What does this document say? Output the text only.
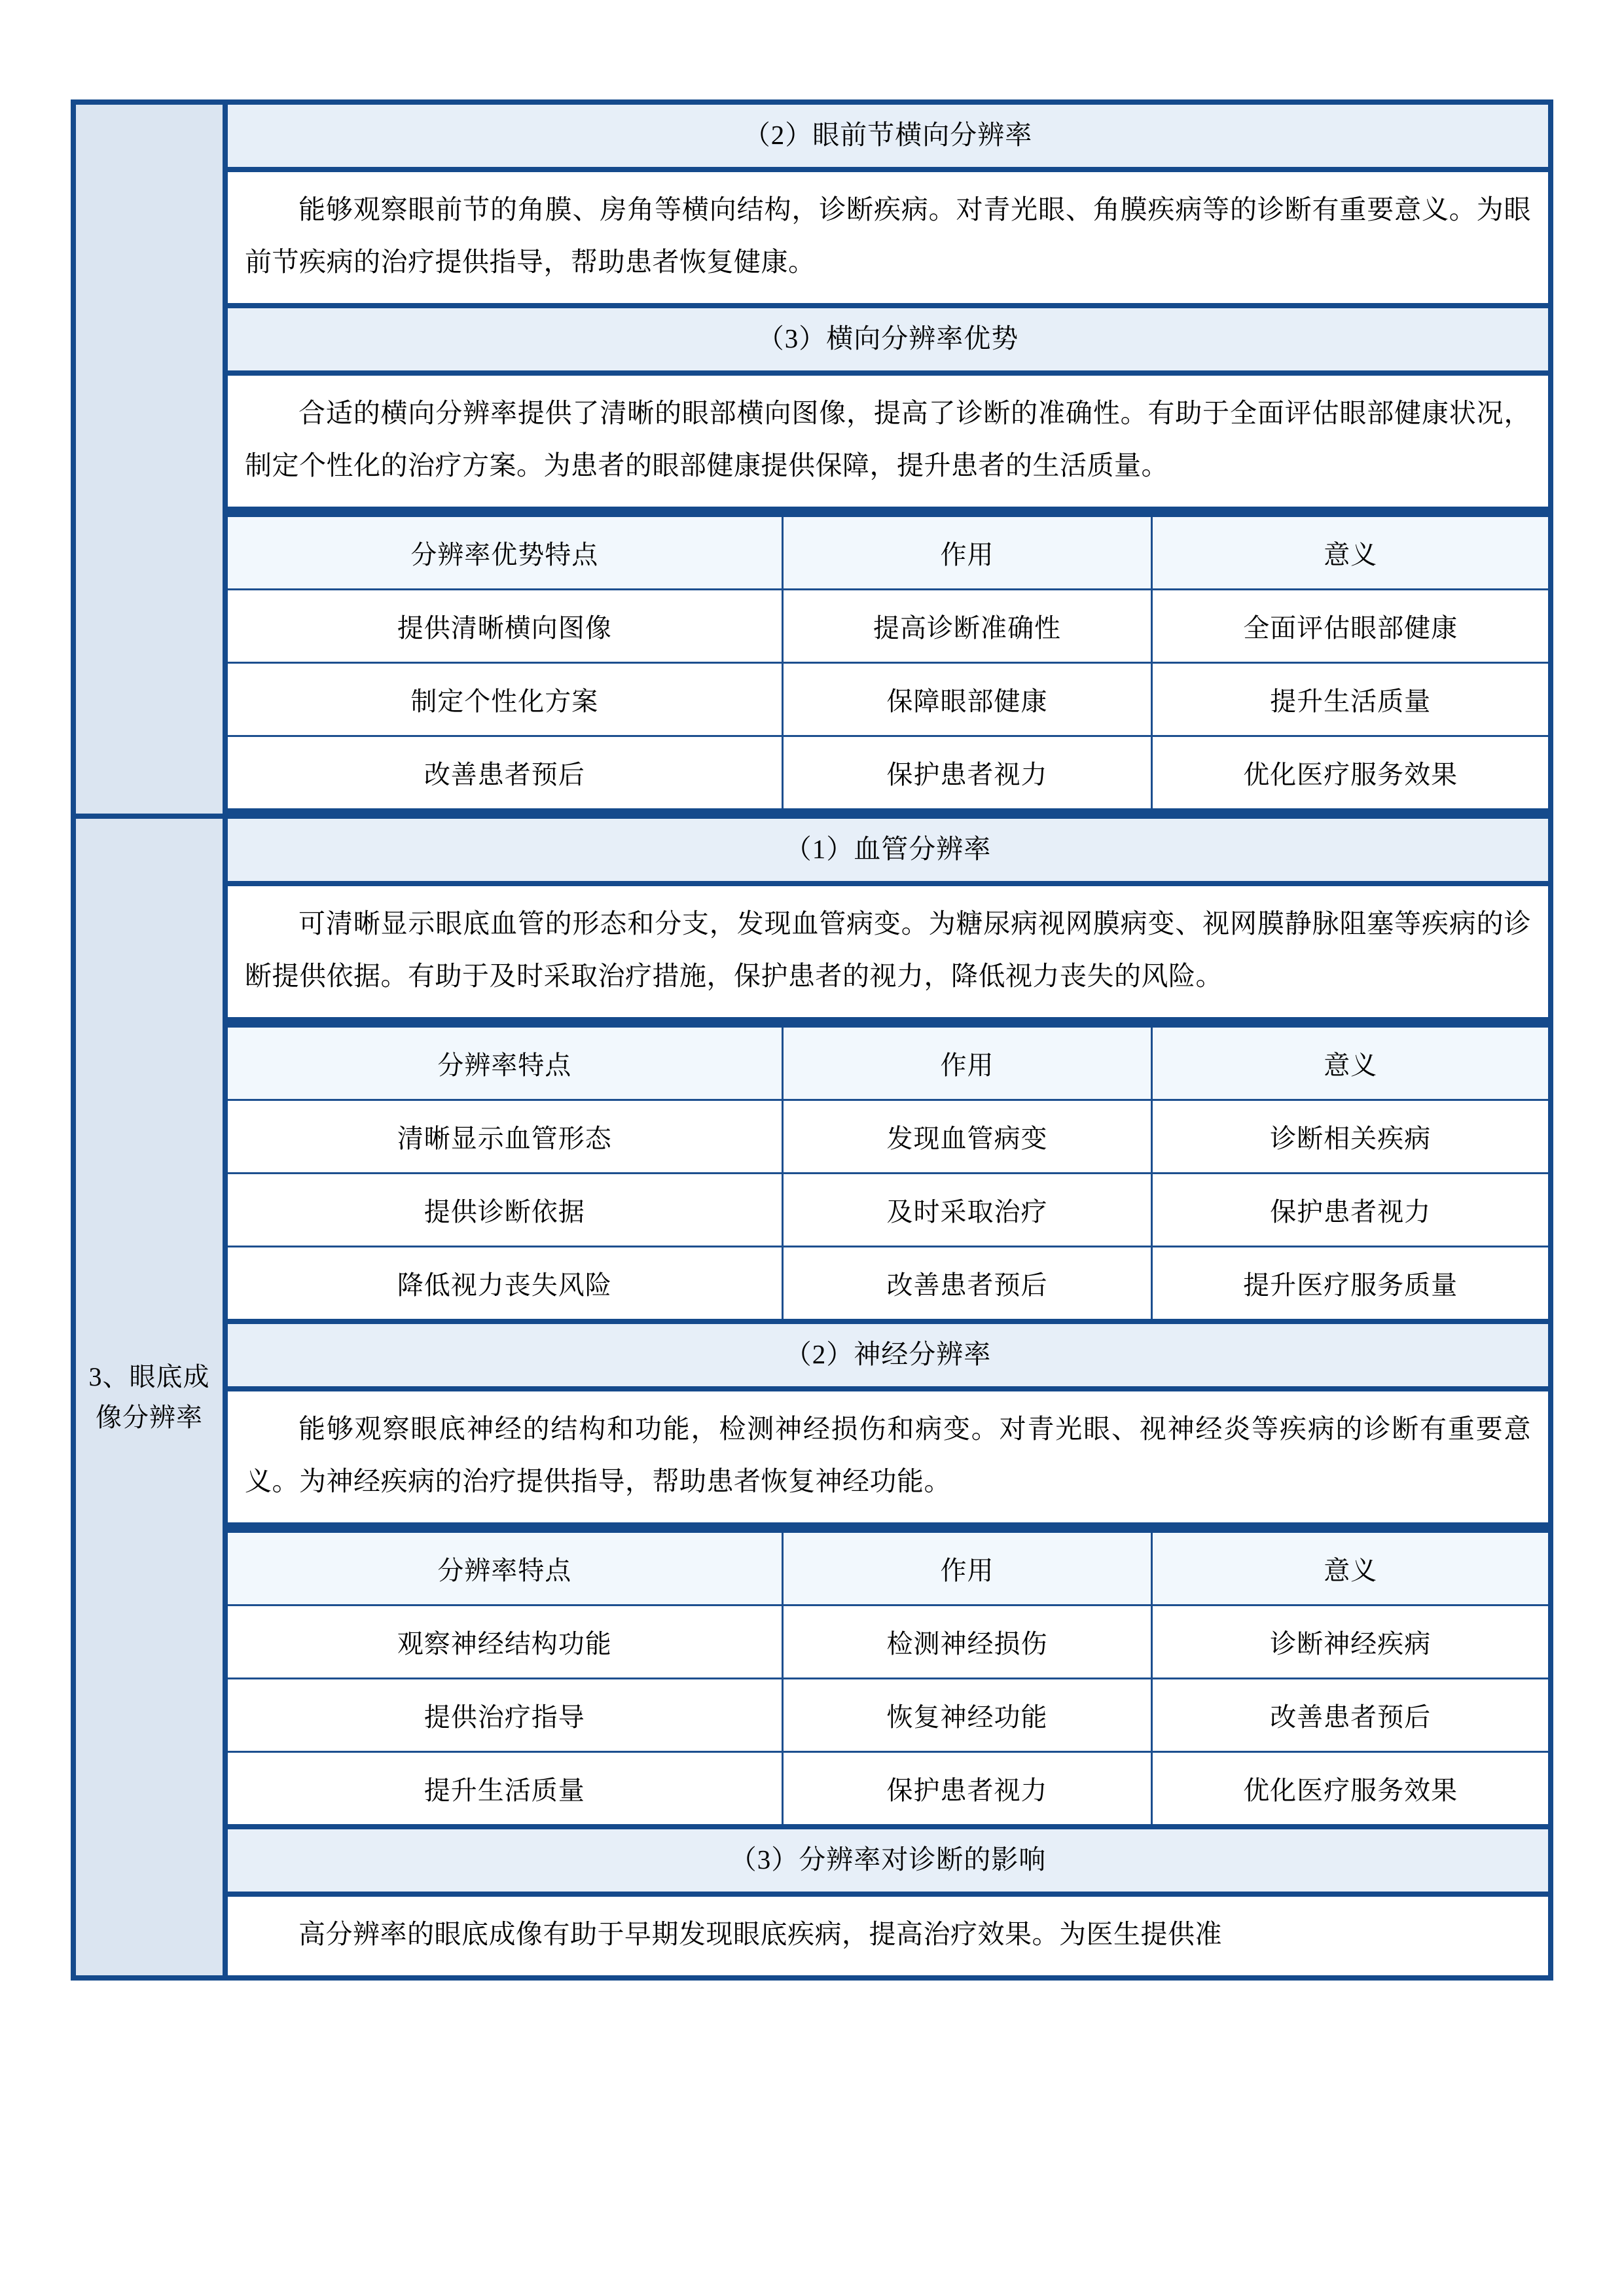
（2）眼前节横向分辨率
能够观察眼前节的角膜、房角等横向结构，诊断疾病。对青光眼、角膜疾病等的诊断有重要意义。为眼前节疾病的治疗提供指导，帮助患者恢复健康。
（3）横向分辨率优势
合适的横向分辨率提供了清晰的眼部横向图像，提高了诊断的准确性。有助于全面评估眼部健康状况，制定个性化的治疗方案。为患者的眼部健康提供保障，提升患者的生活质量。
分辨率优势特点	作用	意义
提供清晰横向图像	提高诊断准确性	全面评估眼部健康
制定个性化方案	保障眼部健康	提升生活质量
改善患者预后	保护患者视力	优化医疗服务效果

3、眼底成
像分辨率

（1）血管分辨率
可清晰显示眼底血管的形态和分支，发现血管病变。为糖尿病视网膜病变、视网膜静脉阻塞等疾病的诊断提供依据。有助于及时采取治疗措施，保护患者的视力，降低视力丧失的风险。
分辨率特点	作用	意义
清晰显示血管形态	发现血管病变	诊断相关疾病
提供诊断依据	及时采取治疗	保护患者视力
降低视力丧失风险	改善患者预后	提升医疗服务质量
（2）神经分辨率
能够观察眼底神经的结构和功能，检测神经损伤和病变。对青光眼、视神经炎等疾病的诊断有重要意义。为神经疾病的治疗提供指导，帮助患者恢复神经功能。
分辨率特点	作用	意义
观察神经结构功能	检测神经损伤	诊断神经疾病
提供治疗指导	恢复神经功能	改善患者预后
提升生活质量	保护患者视力	优化医疗服务效果
（3）分辨率对诊断的影响
高分辨率的眼底成像有助于早期发现眼底疾病，提高治疗效果。为医生提供准
